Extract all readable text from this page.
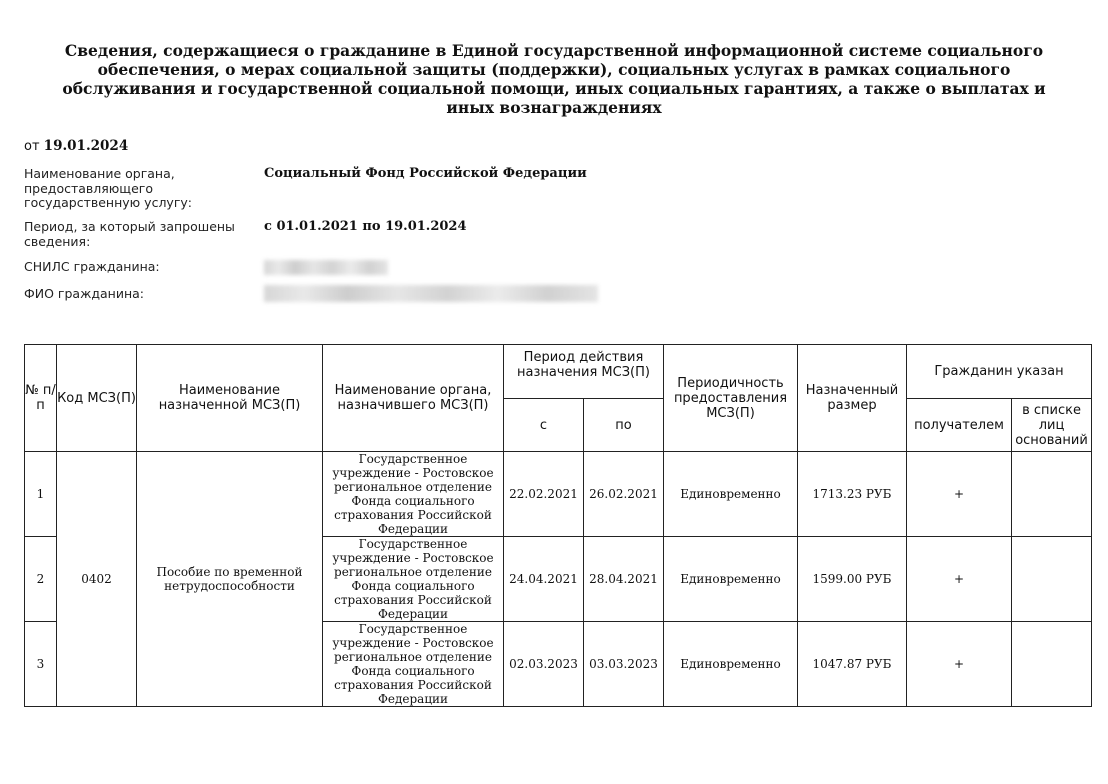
Сведения, содержащиеся о гражданине в Единой государственной информационной системе социального обеспечения, о мерах социальной защиты (поддержки), социальных услугах в рамках социального обслуживания и государственной социальной помощи, иных социальных гарантиях, а также о выплатах и иных вознаграждениях
от 19.01.2024
Наименование органа, предоставляющего государственную услугу:
Социальный Фонд Российской Федерации
Период, за который запрошены сведения:
с 01.01.2021 по 19.01.2024
СНИЛС гражданина:
ФИО гражданина:
№ п/п	Код МСЗ(П)	Наименование назначенной МСЗ(П)	Наименование органа, назначившего МСЗ(П)	Период действия назначения МСЗ(П)		Периодичность предоставления МСЗ(П)	Назначенный размер	Гражданин указан	
				с	по			получателем	в списке лиц оснований
1	0402	Пособие по временной нетрудоспособности	Государственное учреждение - Ростовское региональное отделение Фонда социального страхования Российской Федерации	22.02.2021	26.02.2021	Единовременно	1713.23 РУБ	+	
2			Государственное учреждение - Ростовское региональное отделение Фонда социального страхования Российской Федерации	24.04.2021	28.04.2021	Единовременно	1599.00 РУБ	+	
3			Государственное учреждение - Ростовское региональное отделение Фонда социального страхования Российской Федерации	02.03.2023	03.03.2023	Единовременно	1047.87 РУБ	+	
